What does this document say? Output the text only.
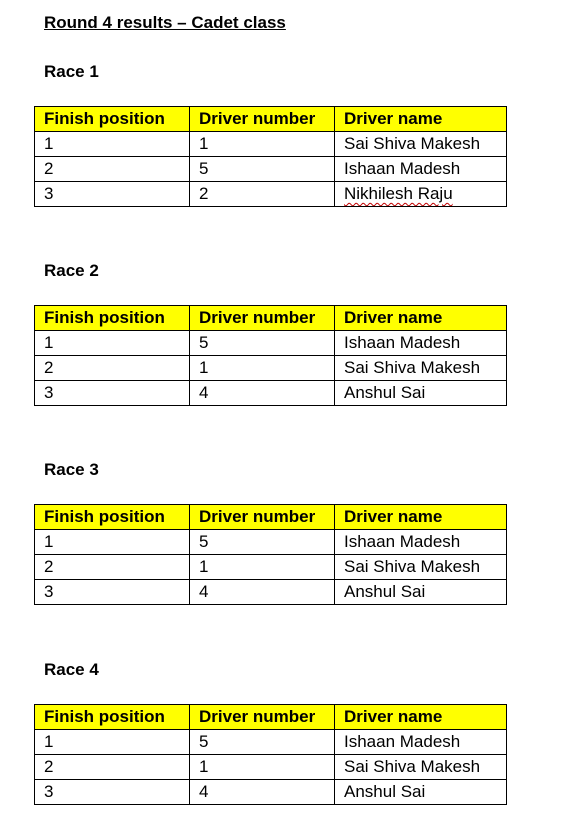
Round 4 results – Cadet class
Race 1
Finish position	Driver number	Driver name
1	1	Sai Shiva Makesh
2	5	Ishaan Madesh
3	2	Nikhilesh Raju
Race 2
Finish position	Driver number	Driver name
1	5	Ishaan Madesh
2	1	Sai Shiva Makesh
3	4	Anshul Sai
Race 3
Finish position	Driver number	Driver name
1	5	Ishaan Madesh
2	1	Sai Shiva Makesh
3	4	Anshul Sai
Race 4
Finish position	Driver number	Driver name
1	5	Ishaan Madesh
2	1	Sai Shiva Makesh
3	4	Anshul Sai
